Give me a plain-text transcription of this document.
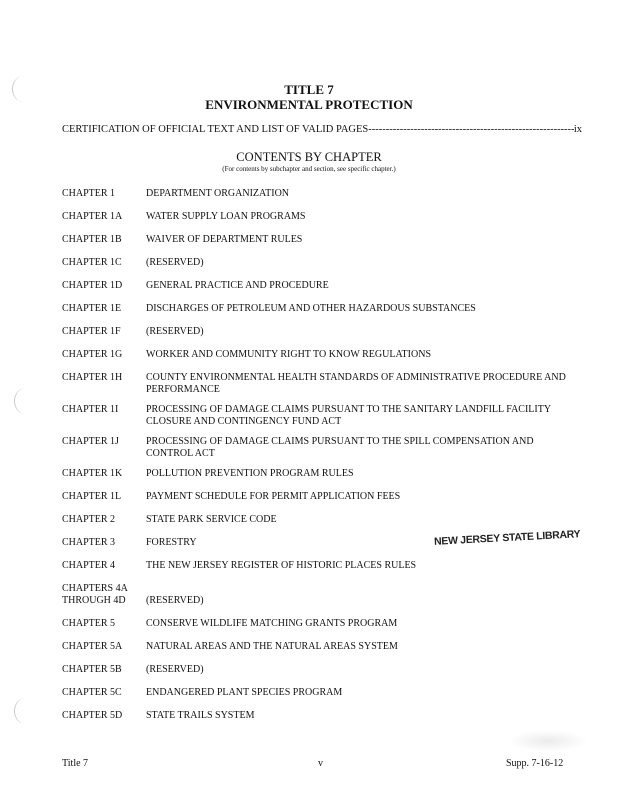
TITLE 7
ENVIRONMENTAL PROTECTION
CERTIFICATION OF OFFICIAL TEXT AND LIST OF VALID PAGES
-----	ix
CONTENTS BY CHAPTER
(For contents by subchapter and section, see specific chapter.)
CHAPTER 1	DEPARTMENT ORGANIZATION
CHAPTER 1A	WATER SUPPLY LOAN PROGRAMS
CHAPTER 1B	WAIVER OF DEPARTMENT RULES
CHAPTER 1C	(RESERVED)
CHAPTER 1D	GENERAL PRACTICE AND PROCEDURE
CHAPTER 1E	DISCHARGES OF PETROLEUM AND OTHER HAZARDOUS SUBSTANCES
CHAPTER 1F	(RESERVED)
CHAPTER 1G	WORKER AND COMMUNITY RIGHT TO KNOW REGULATIONS
CHAPTER 1H	COUNTY ENVIRONMENTAL HEALTH STANDARDS OF ADMINISTRATIVE PROCEDURE AND PERFORMANCE
CHAPTER 1I	PROCESSING OF DAMAGE CLAIMS PURSUANT TO THE SANITARY LANDFILL FACILITY CLOSURE AND CONTINGENCY FUND ACT
CHAPTER 1J	PROCESSING OF DAMAGE CLAIMS PURSUANT TO THE SPILL COMPENSATION AND CONTROL ACT
CHAPTER 1K	POLLUTION PREVENTION PROGRAM RULES
CHAPTER 1L	PAYMENT SCHEDULE FOR PERMIT APPLICATION FEES
CHAPTER 2	STATE PARK SERVICE CODE
CHAPTER 3	FORESTRY
CHAPTER 4	THE NEW JERSEY REGISTER OF HISTORIC PLACES RULES
CHAPTERS 4A THROUGH 4D	(RESERVED)
CHAPTER 5	CONSERVE WILDLIFE MATCHING GRANTS PROGRAM
CHAPTER 5A	NATURAL AREAS AND THE NATURAL AREAS SYSTEM
CHAPTER 5B	(RESERVED)
CHAPTER 5C	ENDANGERED PLANT SPECIES PROGRAM
CHAPTER 5D	STATE TRAILS SYSTEM
NEW JERSEY STATE LIBRARY
Title 7	v	Supp. 7-16-12
